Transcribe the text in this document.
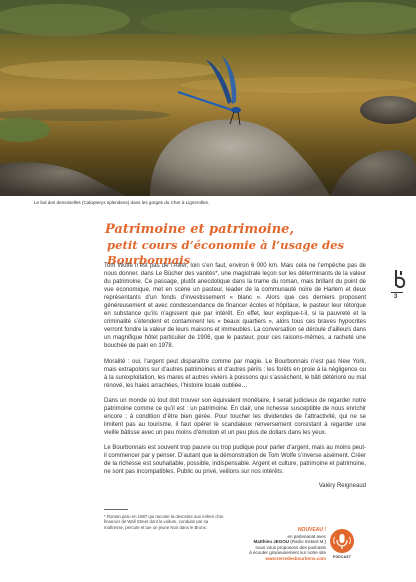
Le bal des demoiselles (Calopteryx splendens) dans les gorges du Cher à Lignerolles.
Patrimoine et patrimoine,
petit cours d’économie à l’usage des Bourbonnais

Tom Wolfe n’est pas de l’Allier, loin s’en faut, environ 6 000 km. Mais cela ne l’empêche pas de nous donner, dans Le Bûcher des vanités*, une magistrale leçon sur les déterminants de la valeur du patrimoine. Ce passage, plutôt anecdotique dans la trame du roman, mais brillant du point de vue économique, met en scène un pasteur, leader de la communauté noire de Harlem et deux représentants d’un fonds d’investissement « blanc ». Alors que ces derniers proposent généreusement et avec condescendance de financer écoles et hôpitaux, le pasteur leur rétorque en substance qu’ils n’agissent que par intérêt. En effet, leur explique-t-il, si la pauvreté et la criminalité s’étendent et contaminent les « beaux quartiers », alors tous ces braves hypocrites verront fondre la valeur de leurs maisons et immeubles. La conversation se déroule d’ailleurs dans un magnifique hôtel particulier de 1906, que le pasteur, pour ces raisons-mêmes, a racheté une bouchée de pain en 1978.

Moralité : oui, l’argent peut disparaître comme par magie. Le Bourbonnais n’est pas New York, mais extrapolons sur d’autres patrimoines et d’autres périls : les forêts en proie à la négligence ou à la surexploitation, les mares et autres viviers à poissons qui s’assèchent, le bâti détérioré ou mal rénové, les haies arrachées, l’histoire locale oubliée…

Dans un monde où tout doit trouver son équivalent monétaire, il serait judicieux de regarder notre patrimoine comme ce qu’il est : un patrimoine. En clair, une richesse susceptible de nous enrichir encore ; à condition d’être bien gérée. Pour toucher les dividendes de l’attractivité, qui ne se limitent pas au tourisme, il faut opérer le scandaleux renversement consistant à regarder une vieille bâtisse avec un peu moins d’émotion et un peu plus de dollars dans les yeux.

Le Bourbonnais est souvent trop pauvre ou trop pudique pour parler d’argent, mais au moins peut-il commencer par y penser. D’autant que la démonstration de Tom Wolfe s’inverse aisément. Créer de la richesse est souhaitable, possible, indispensable. Argent et culture, patrimoine et patrimoine, ne sont pas incompatibles. Public ou privé, veillons sur nos intérêts.

Valéry Reigneaud

3
* Roman paru en 1987 qui raconte la descente aux enfers d’un financier de Wall Street dont la voiture, conduite par sa maîtresse, percute et tue un jeune Noir dans le Bronx.	NOUVEAU !
en partenariat avec
Matthieu JEGOU (Radio Instant M.)
nous vous proposons des podcasts
à écouter gracieusement sur notre site
www.terredesbourbons.com	PODCAST
